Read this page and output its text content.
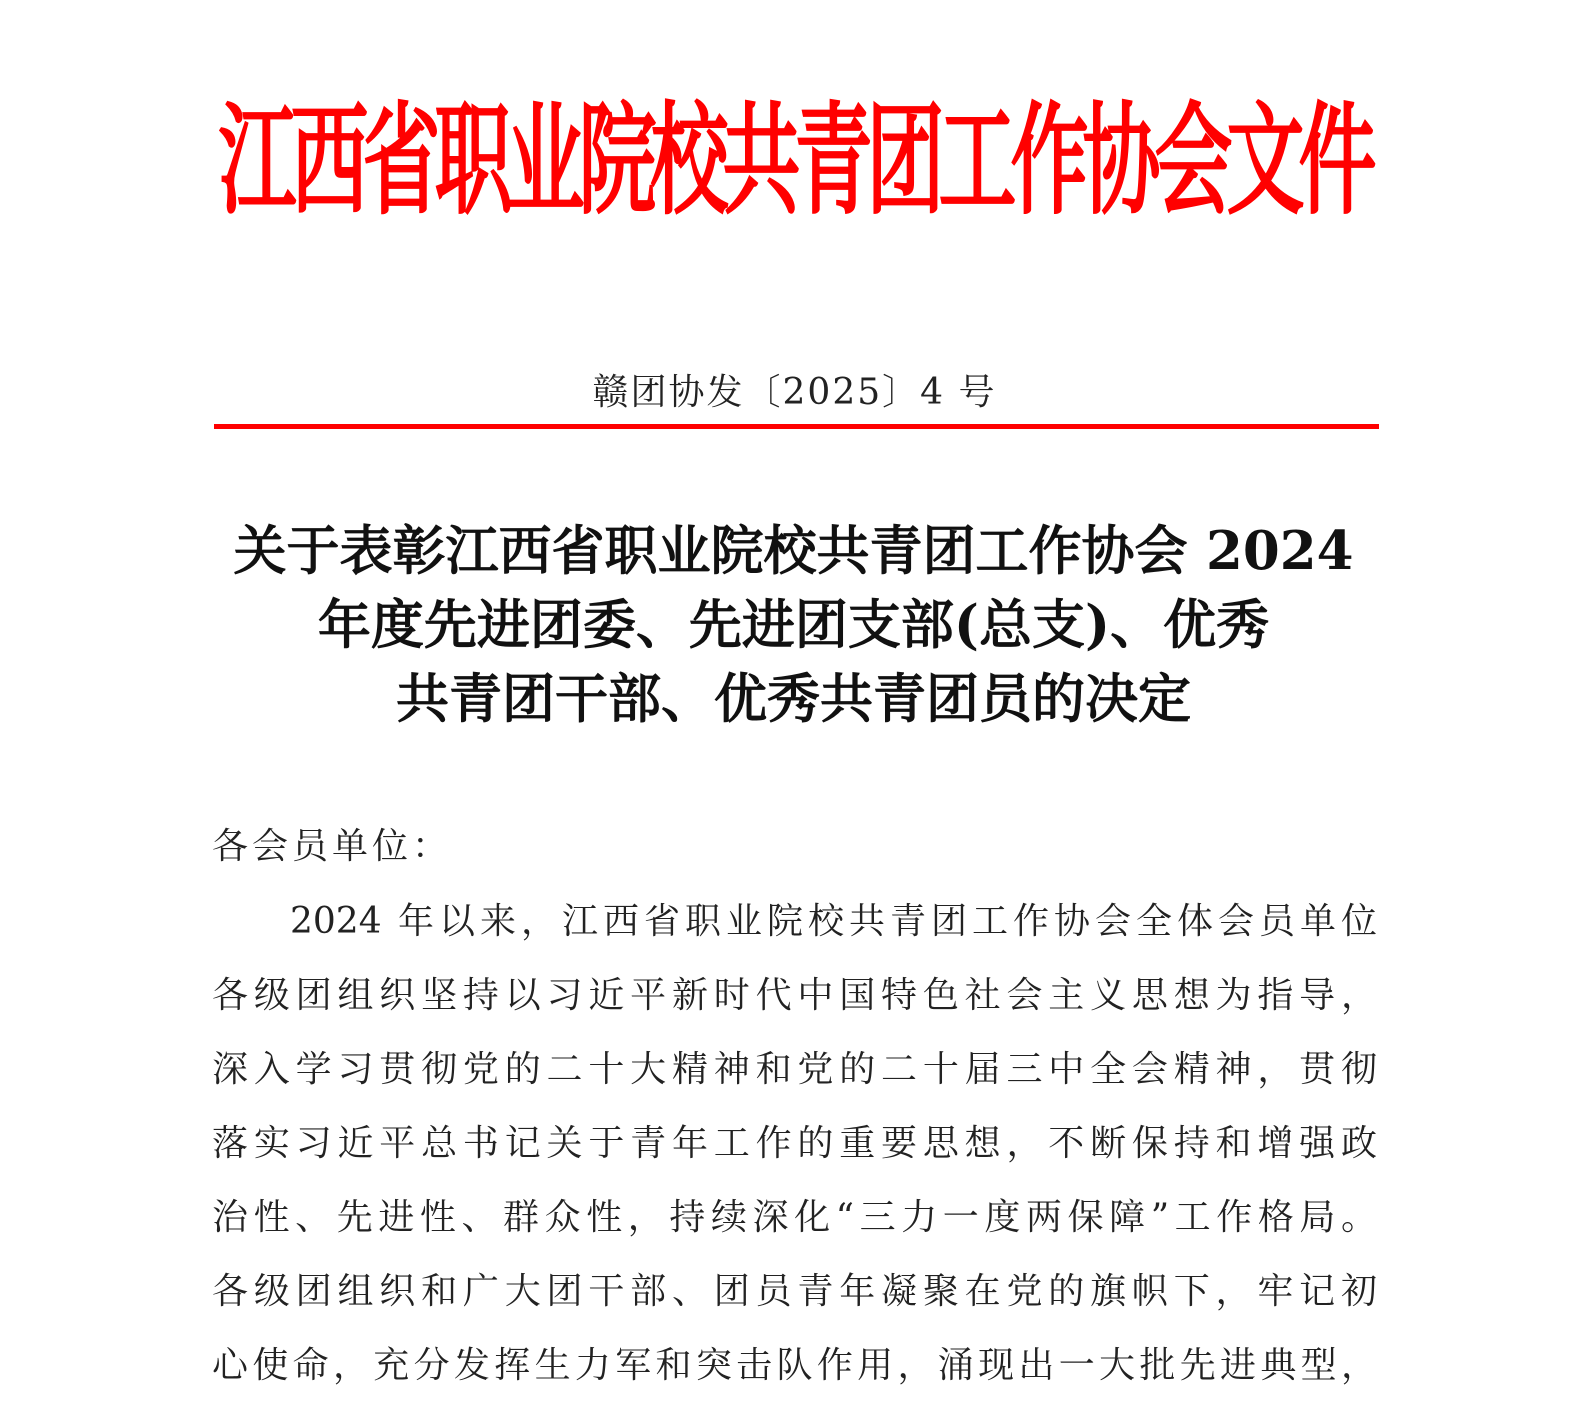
江西省职业院校共青团工作协会文件
赣团协发〔2025〕4 号
关于表彰江西省职业院校共青团工作协会 2024
年度先进团委、先进团支部(总支)、优秀
共青团干部、优秀共青团员的决定
各会员单位：
2024 年以来，江西省职业院校共青团工作协会全体会员单位
各级团组织坚持以习近平新时代中国特色社会主义思想为指导，
深入学习贯彻党的二十大精神和党的二十届三中全会精神，贯彻
落实习近平总书记关于青年工作的重要思想，不断保持和增强政
治性、先进性、群众性，持续深化“三力一度两保障”工作格局。
各级团组织和广大团干部、团员青年凝聚在党的旗帜下，牢记初
心使命，充分发挥生力军和突击队作用，涌现出一大批先进典型，
